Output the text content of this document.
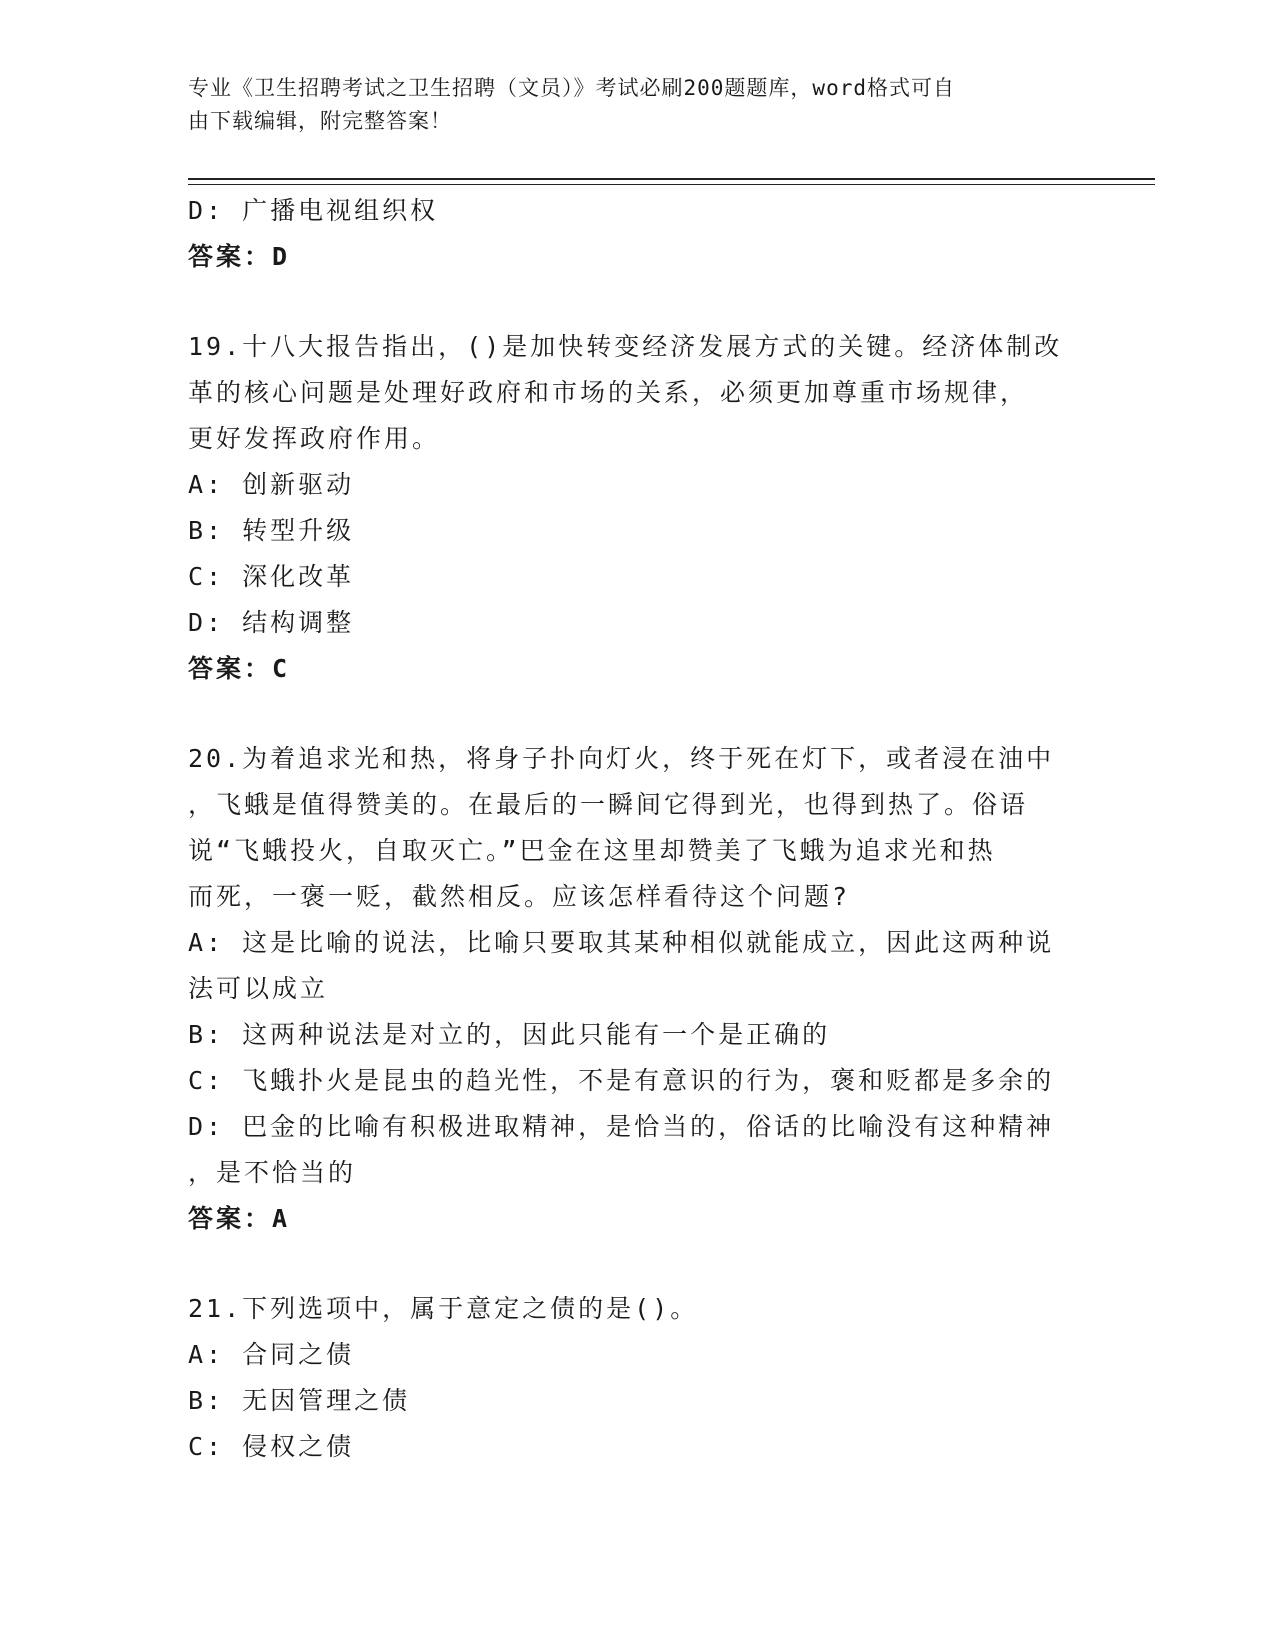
专业《卫生招聘考试之卫生招聘（文员）》考试必刷200题题库，word格式可自
由下载编辑，附完整答案！
D: 广播电视组织权
答案：D
19.十八大报告指出，()是加快转变经济发展方式的关键。经济体制改
革的核心问题是处理好政府和市场的关系，必须更加尊重市场规律，
更好发挥政府作用。
A: 创新驱动
B: 转型升级
C: 深化改革
D: 结构调整
答案：C
20.为着追求光和热，将身子扑向灯火，终于死在灯下，或者浸在油中
，飞蛾是值得赞美的。在最后的一瞬间它得到光，也得到热了。俗语
说“飞蛾投火，自取灭亡。”巴金在这里却赞美了飞蛾为追求光和热
而死，一褒一贬，截然相反。应该怎样看待这个问题?
A: 这是比喻的说法，比喻只要取其某种相似就能成立，因此这两种说
法可以成立
B: 这两种说法是对立的，因此只能有一个是正确的
C: 飞蛾扑火是昆虫的趋光性，不是有意识的行为，褒和贬都是多余的
D: 巴金的比喻有积极进取精神，是恰当的，俗话的比喻没有这种精神
，是不恰当的
答案：A
21.下列选项中，属于意定之债的是()。
A: 合同之债
B: 无因管理之债
C: 侵权之债
